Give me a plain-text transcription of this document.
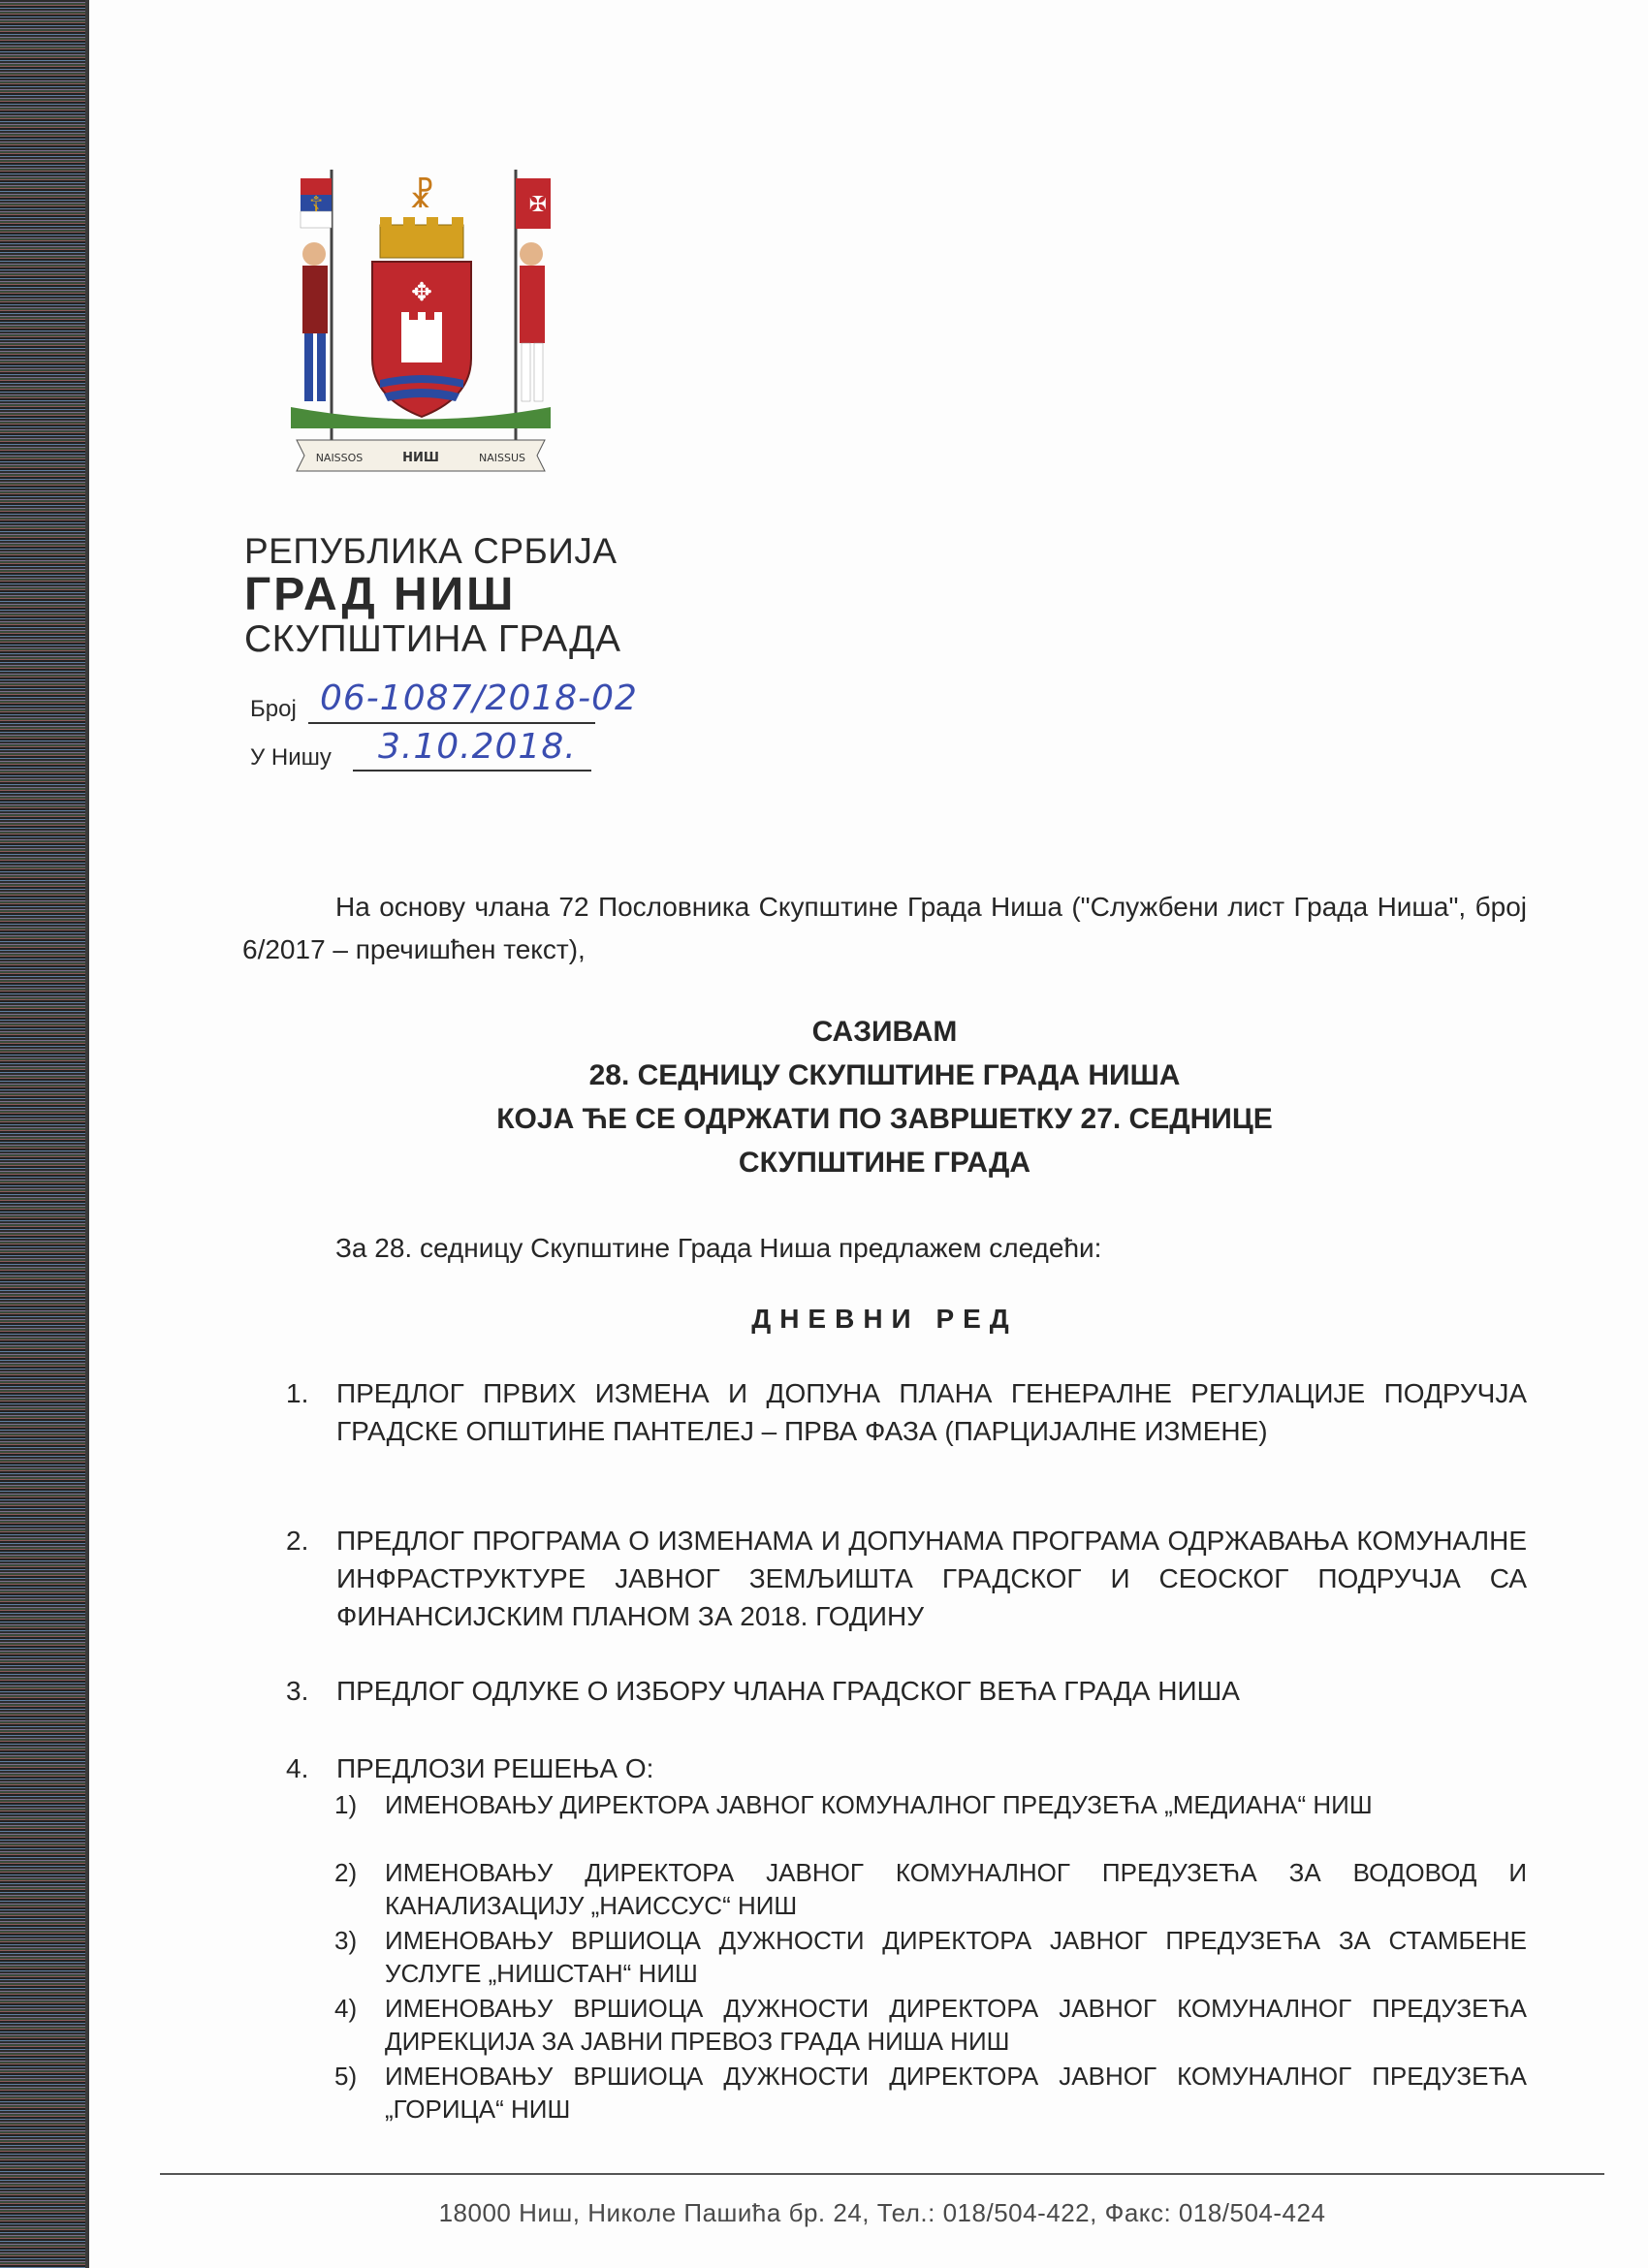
☦	✠
☧
✥
NAISSOS	НИШ	NAISSUS
РЕПУБЛИКА СРБИЈА
ГРАД НИШ
СКУПШТИНА ГРАДА
Број 06-1087/2018-02
У Нишу 3.10.2018.
На основу члана 72 Пословника Скупштине Града Ниша ("Службени лист Града Ниша", број 6/2017 – пречишћен текст),
САЗИВАМ
28. СЕДНИЦУ СКУПШТИНЕ ГРАДА НИША
КОЈА ЋЕ СЕ ОДРЖАТИ ПО ЗАВРШЕТКУ 27. СЕДНИЦЕ
СКУПШТИНЕ ГРАДА
За 28. седницу Скупштине Града Ниша предлажем следећи:
ДНЕВНИ РЕД
1.	ПРЕДЛОГ ПРВИХ ИЗМЕНА И ДОПУНА ПЛАНА ГЕНЕРАЛНЕ РЕГУЛАЦИЈЕ ПОДРУЧЈА ГРАДСКЕ ОПШТИНЕ ПАНТЕЛЕЈ – ПРВА ФАЗА (ПАРЦИЈАЛНЕ ИЗМЕНЕ)
2.	ПРЕДЛОГ ПРОГРАМА О ИЗМЕНАМА И ДОПУНАМА ПРОГРАМА ОДРЖАВАЊА КОМУНАЛНЕ ИНФРАСТРУКТУРЕ ЈАВНОГ ЗЕМЉИШТА ГРАДСКОГ И СЕОСКОГ ПОДРУЧЈА СА ФИНАНСИЈСКИМ ПЛАНОМ ЗА 2018. ГОДИНУ
3.	ПРЕДЛОГ ОДЛУКЕ О ИЗБОРУ ЧЛАНА ГРАДСКОГ ВЕЋА ГРАДА НИША
4.	ПРЕДЛОЗИ РЕШЕЊА О:
1)	ИМЕНОВАЊУ ДИРЕКТОРА ЈАВНОГ КОМУНАЛНОГ ПРЕДУЗЕЋА „МЕДИАНА“ НИШ
2)	ИМЕНОВАЊУ ДИРЕКТОРА ЈАВНОГ КОМУНАЛНОГ ПРЕДУЗЕЋА ЗА ВОДОВОД И КАНАЛИЗАЦИЈУ „НАИССУС“ НИШ
3)	ИМЕНОВАЊУ ВРШИОЦА ДУЖНОСТИ ДИРЕКТОРА ЈАВНОГ ПРЕДУЗЕЋА ЗА СТАМБЕНЕ УСЛУГЕ „НИШСТАН“ НИШ
4)	ИМЕНОВАЊУ ВРШИОЦА ДУЖНОСТИ ДИРЕКТОРА ЈАВНОГ КОМУНАЛНОГ ПРЕДУЗЕЋА ДИРЕКЦИЈА ЗА ЈАВНИ ПРЕВОЗ ГРАДА НИША НИШ
5)	ИМЕНОВАЊУ ВРШИОЦА ДУЖНОСТИ ДИРЕКТОРА ЈАВНОГ КОМУНАЛНОГ ПРЕДУЗЕЋА „ГОРИЦА“ НИШ
18000 Ниш, Николе Пашића бр. 24, Тел.: 018/504-422, Факс: 018/504-424
